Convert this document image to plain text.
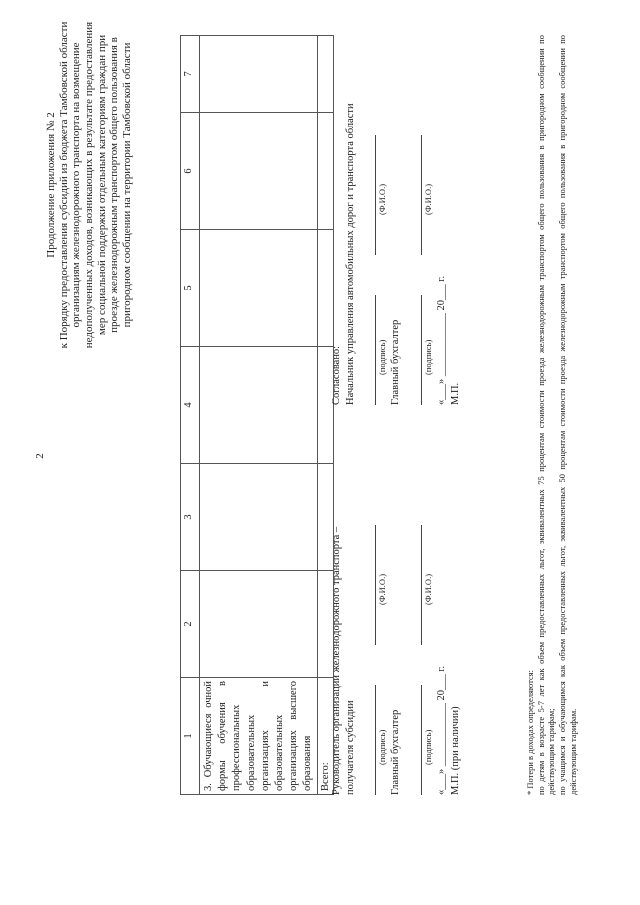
Продолжение приложения № 2 к Порядку предоставления субсидий из бюджета Тамбовской области организациям железнодорожного транспорта на возмещение недополученных доходов, возникающих в результате предоставления мер социальной поддержки отдельным категориям граждан при проезде железнодорожным транспортом общего пользования в пригородном сообщении на территории Тамбовской области
1	2	3	4	5	6	7
3. Обучающиеся очной формы обучения в профессиональных образовательных организациях и образовательных организациях высшего образования						
Всего:						Руководитель организации железнодорожного транспорта – получателя субсидии	(подпись)
(Ф.И.О.)
Главный бухгалтер	(подпись)
(Ф.И.О.)
«___» ____________ 20___ г. М.П. (при наличии)
Согласовано: Начальник управления автомобильных дорог и транспорта области	(подпись)
(Ф.И.О.)
Главный бухгалтер	(подпись)
(Ф.И.О.)
«___» ____________ 20___ г. М.П.
* Потери в доходах определяются: по детям в возрасте 5-7 лет как объем предоставленных льгот, эквивалентных 75 процентам стоимости проезда железнодорожным транспортом общего пользования в пригородном сообщении по действующим тарифам; по учащимся и обучающимся как объем предоставленных льгот, эквивалентных 50 процентам стоимости проезда железнодорожным транспортом общего пользования в пригородном сообщении по действующим тарифам.
2
